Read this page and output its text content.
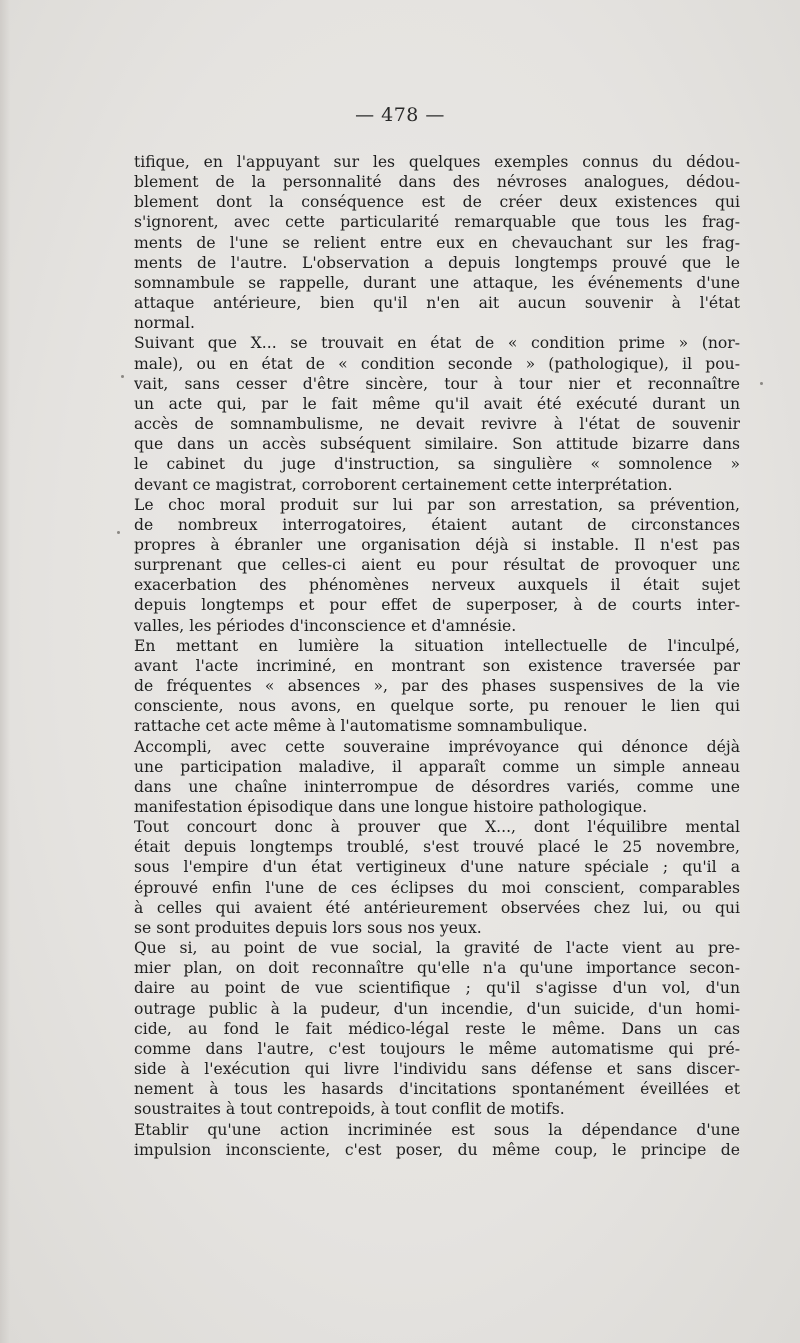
— 478 —

tifique, en l'appuyant sur les quelques exemples connus du dédou-
blement de la personnalité dans des névroses analogues, dédou-
blement dont la conséquence est de créer deux existences qui
s'ignorent, avec cette particularité remarquable que tous les frag-
ments de l'une se relient entre eux en chevauchant sur les frag-
ments de l'autre. L'observation a depuis longtemps prouvé que le
somnambule se rappelle, durant une attaque, les événements d'une
attaque antérieure, bien qu'il n'en ait aucun souvenir à l'état
normal.

Suivant que X... se trouvait en état de « condition prime » (nor-
male), ou en état de « condition seconde » (pathologique), il pou-
vait, sans cesser d'être sincère, tour à tour nier et reconnaître
un acte qui, par le fait même qu'il avait été exécuté durant un
accès de somnambulisme, ne devait revivre à l'état de souvenir
que dans un accès subséquent similaire. Son attitude bizarre dans
le cabinet du juge d'instruction, sa singulière « somnolence »
devant ce magistrat, corroborent certainement cette interprétation.

Le choc moral produit sur lui par son arrestation, sa prévention,
de nombreux interrogatoires, étaient autant de circonstances
propres à ébranler une organisation déjà si instable. Il n'est pas
surprenant que celles-ci aient eu pour résultat de provoquer unε
exacerbation des phénomènes nerveux auxquels il était sujet
depuis longtemps et pour effet de superposer, à de courts inter-
valles, les périodes d'inconscience et d'amnésie.

En mettant en lumière la situation intellectuelle de l'inculpé,
avant l'acte incriminé, en montrant son existence traversée par
de fréquentes « absences », par des phases suspensives de la vie
consciente, nous avons, en quelque sorte, pu renouer le lien qui
rattache cet acte même à l'automatisme somnambulique.

Accompli, avec cette souveraine imprévoyance qui dénonce déjà
une participation maladive, il apparaît comme un simple anneau
dans une chaîne ininterrompue de désordres variés, comme une
manifestation épisodique dans une longue histoire pathologique.

Tout concourt donc à prouver que X..., dont l'équilibre mental
était depuis longtemps troublé, s'est trouvé placé le 25 novembre,
sous l'empire d'un état vertigineux d'une nature spéciale ; qu'il a
éprouvé enfin l'une de ces éclipses du moi conscient, comparables
à celles qui avaient été antérieurement observées chez lui, ou qui
se sont produites depuis lors sous nos yeux.

Que si, au point de vue social, la gravité de l'acte vient au pre-
mier plan, on doit reconnaître qu'elle n'a qu'une importance secon-
daire au point de vue scientifique ; qu'il s'agisse d'un vol, d'un
outrage public à la pudeur, d'un incendie, d'un suicide, d'un homi-
cide, au fond le fait médico-légal reste le même. Dans un cas
comme dans l'autre, c'est toujours le même automatisme qui pré-
side à l'exécution qui livre l'individu sans défense et sans discer-
nement à tous les hasards d'incitations spontanément éveillées et
soustraites à tout contrepoids, à tout conflit de motifs.

Etablir qu'une action incriminée est sous la dépendance d'une
impulsion inconsciente, c'est poser, du même coup, le principe de
